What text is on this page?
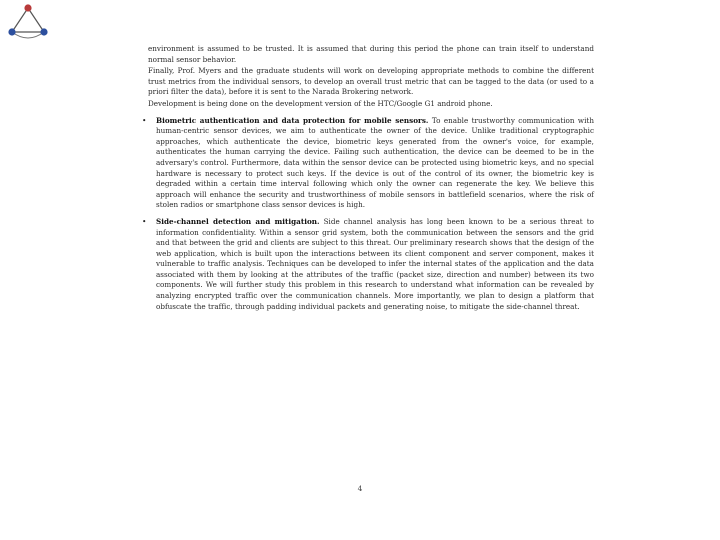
environment is assumed to be trusted. It is assumed that during this period the phone can train itself to understand normal sensor behavior.

Finally, Prof. Myers and the graduate students will work on developing appropriate methods to combine the different trust metrics from the individual sensors, to develop an overall trust metric that can be tagged to the data (or used to a priori filter the data), before it is sent to the Narada Brokering network.

Development is being done on the development version of the HTC/Google G1 android phone.

• Biometric authentication and data protection for mobile sensors. To enable trustworthy communication with human-centric sensor devices, we aim to authenticate the owner of the device. Unlike traditional cryptographic approaches, which authenticate the device, biometric keys generated from the owner's voice, for example, authenticates the human carrying the device. Failing such authentication, the device can be deemed to be in the adversary's control. Furthermore, data within the sensor device can be protected using biometric keys, and no special hardware is necessary to protect such keys. If the device is out of the control of its owner, the biometric key is degraded within a certain time interval following which only the owner can regenerate the key. We believe this approach will enhance the security and trustworthiness of mobile sensors in battlefield scenarios, where the risk of stolen radios or smartphone class sensor devices is high.

• Side-channel detection and mitigation. Side channel analysis has long been known to be a serious threat to information confidentiality. Within a sensor grid system, both the communication between the sensors and the grid and that between the grid and clients are subject to this threat. Our preliminary research shows that the design of the web application, which is built upon the interactions between its client component and server component, makes it vulnerable to traffic analysis. Techniques can be developed to infer the internal states of the application and the data associated with them by looking at the attributes of the traffic (packet size, direction and number) between its two components. We will further study this problem in this research to understand what information can be revealed by analyzing encrypted traffic over the communication channels. More importantly, we plan to design a platform that obfuscate the traffic, through padding individual packets and generating noise, to mitigate the side-channel threat.

4
